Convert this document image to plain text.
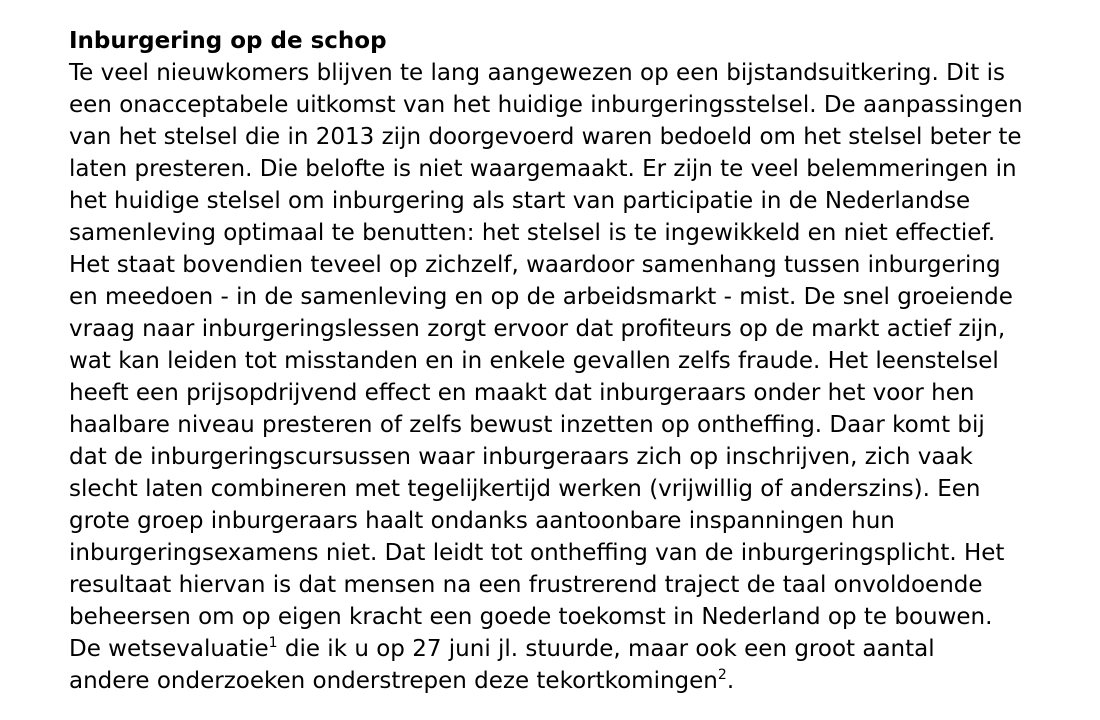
Inburgering op de schop
Te veel nieuwkomers blijven te lang aangewezen op een bijstandsuitkering. Dit is
een onacceptabele uitkomst van het huidige inburgeringsstelsel. De aanpassingen
van het stelsel die in 2013 zijn doorgevoerd waren bedoeld om het stelsel beter te
laten presteren. Die belofte is niet waargemaakt. Er zijn te veel belemmeringen in
het huidige stelsel om inburgering als start van participatie in de Nederlandse
samenleving optimaal te benutten: het stelsel is te ingewikkeld en niet effectief.
Het staat bovendien teveel op zichzelf, waardoor samenhang tussen inburgering
en meedoen - in de samenleving en op de arbeidsmarkt - mist. De snel groeiende
vraag naar inburgeringslessen zorgt ervoor dat profiteurs op de markt actief zijn,
wat kan leiden tot misstanden en in enkele gevallen zelfs fraude. Het leenstelsel
heeft een prijsopdrijvend effect en maakt dat inburgeraars onder het voor hen
haalbare niveau presteren of zelfs bewust inzetten op ontheffing. Daar komt bij
dat de inburgeringscursussen waar inburgeraars zich op inschrijven, zich vaak
slecht laten combineren met tegelijkertijd werken (vrijwillig of anderszins). Een
grote groep inburgeraars haalt ondanks aantoonbare inspanningen hun
inburgeringsexamens niet. Dat leidt tot ontheffing van de inburgeringsplicht. Het
resultaat hiervan is dat mensen na een frustrerend traject de taal onvoldoende
beheersen om op eigen kracht een goede toekomst in Nederland op te bouwen.
De wetsevaluatie$^1$ die ik u op 27 juni jl. stuurde, maar ook een groot aantal
andere onderzoeken onderstrepen deze tekortkomingen$^2$.
